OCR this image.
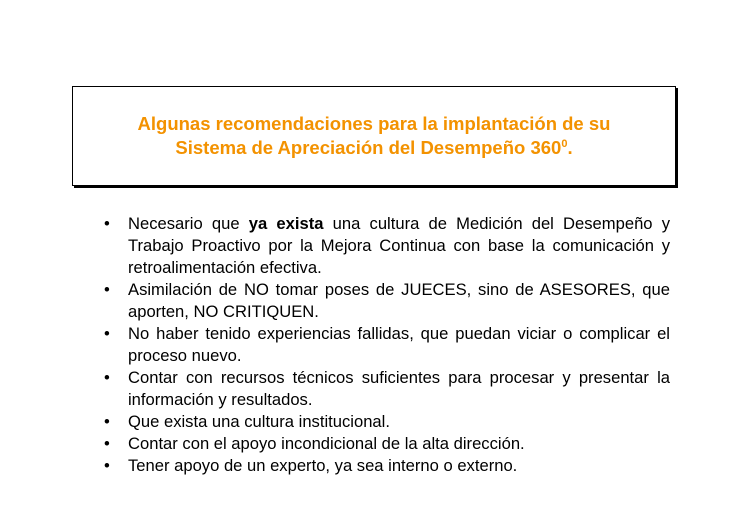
Algunas recomendaciones para la implantación de su
Sistema de Apreciación del Desempeño $360^0$.
• Necesario que ya exista una cultura de Medición del Desempeño y Trabajo Proactivo por la Mejora Continua con base la comunicación y retroalimentación efectiva.
• Asimilación de NO tomar poses de JUECES, sino de ASESORES, que aporten, NO CRITIQUEN.
• No haber tenido experiencias fallidas, que puedan viciar o complicar el proceso nuevo.
• Contar con recursos técnicos suficientes para procesar y presentar la información y resultados.
• Que exista una cultura institucional.
• Contar con el apoyo incondicional de la alta dirección.
• Tener apoyo de un experto, ya sea interno o externo.
